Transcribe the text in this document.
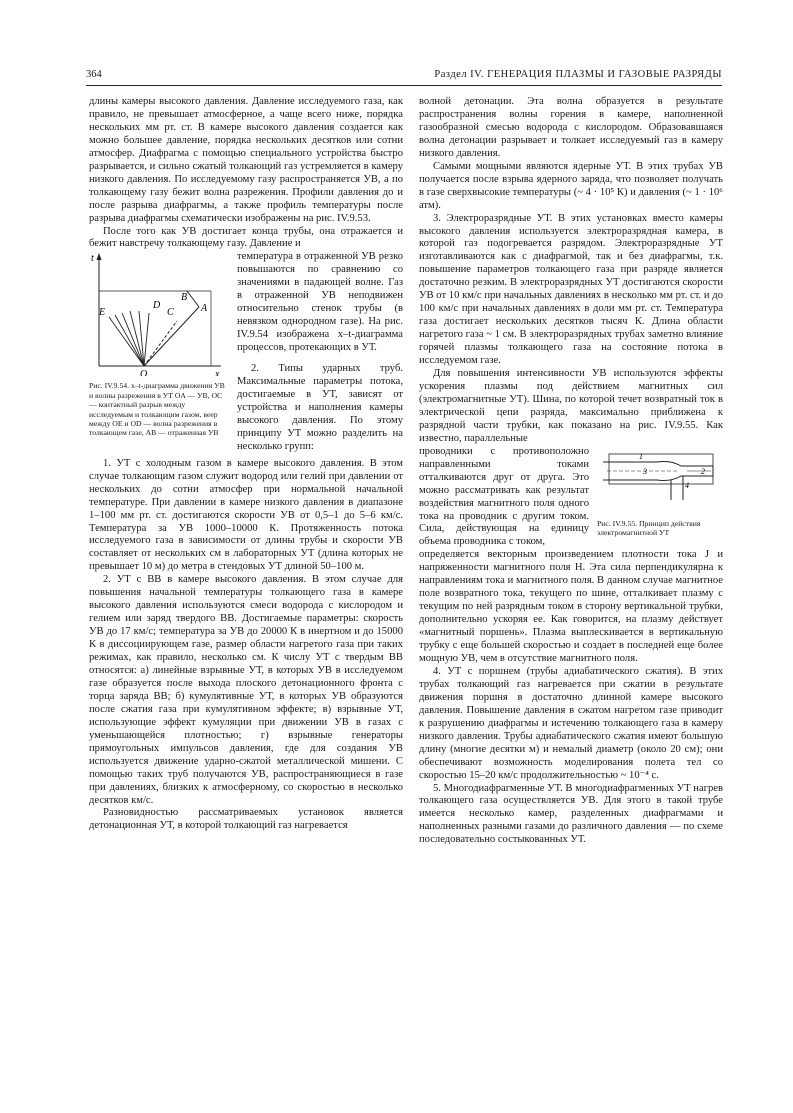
364	Раздел IV. ГЕНЕРАЦИЯ ПЛАЗМЫ И ГАЗОВЫЕ РАЗРЯДЫ

длины камеры высокого давления. Давление исследуемого газа, как правило, не превышает атмосферное, а чаще всего ниже, порядка нескольких мм рт. ст. В камере высокого давления создается как можно большее давление, порядка нескольких десятков или сотни атмосфер. Диафрагма с помощью специального устройства быстро разрывается, и сильно сжатый толкающий газ устремляется в камеру низкого давления. По исследуемому газу распространяется УВ, а по толкающему газу бежит волна разрежения. Профили давления до и после разрыва диафрагмы, а также профиль температуры после разрыва диафрагмы схематически изображены на рис. IV.9.53.

После того как УВ достигает конца трубы, она отражается и бежит навстречу толкающему газу. Давление и

t
x
O
E
D
C
B
A
Рис. IV.9.54. x–t-диаграмма движения УВ и волны разрежения в УТ OA — УВ, OC — контактный разрыв между исследуемым и толкающим газом, веер между OE и OD — волна разрежения в толкающем газе, AB — отраженная УВ

температура в отраженной УВ резко повышаются по сравнению со значениями в падающей волне. Газ в отраженной УВ неподвижен относительно стенок трубы (в невязком однородном газе). На рис. IV.9.54 изображена x–t-диаграмма процессов, протекающих в УТ.

2. Типы ударных труб. Максимальные параметры потока, достигаемые в УТ, зависят от устройства и наполнения камеры высокого давления. По этому принципу УТ можно разделить на несколько групп:

1. УТ с холодным газом в камере высокого давления. В этом случае толкающим газом служит водород или гелий при давлении от нескольких до сотни атмосфер при нормальной начальной температуре. При давлении в камере низкого давления в диапазоне 1–100 мм рт. ст. достигаются скорости УВ от 0,5–1 до 5–6 км/с. Температура за УВ 1000–10000 К. Протяженность потока исследуемого газа в зависимости от длины трубы и скорости УВ составляет от нескольких см в лабораторных УТ (длина которых не превышает 10 м) до метра в стендовых УТ длиной 50–100 м.

2. УТ с ВВ в камере высокого давления. В этом случае для повышения начальной температуры толкающего газа в камере высокого давления используются смеси водорода с кислородом и гелием или заряд твердого ВВ. Достигаемые параметры: скорость УВ до 17 км/с; температура за УВ до 20000 К в инертном и до 15000 К в диссоциирующем газе, размер области нагретого газа при таких режимах, как правило, несколько см. К числу УТ с твердым ВВ относятся: а) линейные взрывные УТ, в которых УВ в исследуемом газе образуется после выхода плоского детонационного фронта с торца заряда ВВ; б) кумулятивные УТ, в которых УВ образуются после сжатия газа при кумулятивном эффекте; в) взрывные УТ, использующие эффект кумуляции при движении УВ в газах с уменьшающейся плотностью; г) взрывные генераторы прямоугольных импульсов давления, где для создания УВ используется движение ударно-сжатой металлической мишени. С помощью таких труб получаются УВ, распространяющиеся в газе при давлениях, близких к атмосферному, со скоростью в несколько десятков км/с.

Разновидностью рассматриваемых установок является детонационная УТ, в которой толкающий газ нагревается

волной детонации. Эта волна образуется в результате распространения волны горения в камере, наполненной газообразной смесью водорода с кислородом. Образовавшаяся волна детонации разрывает и толкает исследуемый газ в камеру низкого давления.

Самыми мощными являются ядерные УТ. В этих трубах УВ получается после взрыва ядерного заряда, что позволяет получать в газе сверхвысокие температуры (~ 4 · 10⁵ К) и давления (~ 1 · 10⁶ атм).

3. Электроразрядные УТ. В этих установках вместо камеры высокого давления используется электроразрядная камера, в которой газ подогревается разрядом. Электроразрядные УТ изготавливаются как с диафрагмой, так и без диафрагмы, т.к. повышение параметров толкающего газа при разряде является достаточно резким. В электроразрядных УТ достигаются скорости УВ от 10 км/с при начальных давлениях в несколько мм рт. ст. и до 100 км/с при начальных давлениях в доли мм рт. ст. Температура газа достигает нескольких десятков тысяч К. Длина области нагретого газа ~ 1 см. В электроразрядных трубах заметно влияние горячей плазмы толкающего газа на состояние потока в исследуемом газе.

Для повышения интенсивности УВ используются эффекты ускорения плазмы под действием магнитных сил (электромагнитные УТ). Шина, по которой течет возвратный ток в электрической цепи разряда, максимально приближена к разрядной части трубки, как показано на рис. IV.9.55. Как известно, параллельные

1
2
3
4
Рис. IV.9.55. Принцип действия электромагнитной УТ

проводники с противоположно направленными токами отталкиваются друг от друга. Это можно рассматривать как результат воздействия магнитного поля одного тока на проводник с другим током. Сила, действующая на единицу объема проводника с током,

определяется векторным произведением плотности тока J и напряженности магнитного поля H. Эта сила перпендикулярна к направлениям тока и магнитного поля. В данном случае магнитное поле возвратного тока, текущего по шине, отталкивает плазму с текущим по ней разрядным током в сторону вертикальной трубки, дополнительно ускоряя ее. Как говорится, на плазму действует «магнитный поршень». Плазма выплескивается в вертикальную трубку с еще большей скоростью и создает в последней еще более мощную УВ, чем в отсутствие магнитного поля.

4. УТ с поршнем (трубы адиабатического сжатия). В этих трубах толкающий газ нагревается при сжатии в результате движения поршня в достаточно длинной камере высокого давления. Повышение давления в сжатом нагретом газе приводит к разрушению диафрагмы и истечению толкающего газа в камеру низкого давления. Трубы адиабатического сжатия имеют большую длину (многие десятки м) и немалый диаметр (около 20 см); они обеспечивают возможность моделирования полета тел со скоростью 15–20 км/с продолжительностью ~ 10⁻⁴ с.

5. Многодиафрагменные УТ. В многодиафрагменных УТ нагрев толкающего газа осуществляется УВ. Для этого в такой трубе имеется несколько камер, разделенных диафрагмами и наполненных разными газами до различного давления — по схеме последовательно состыкованных УТ.
